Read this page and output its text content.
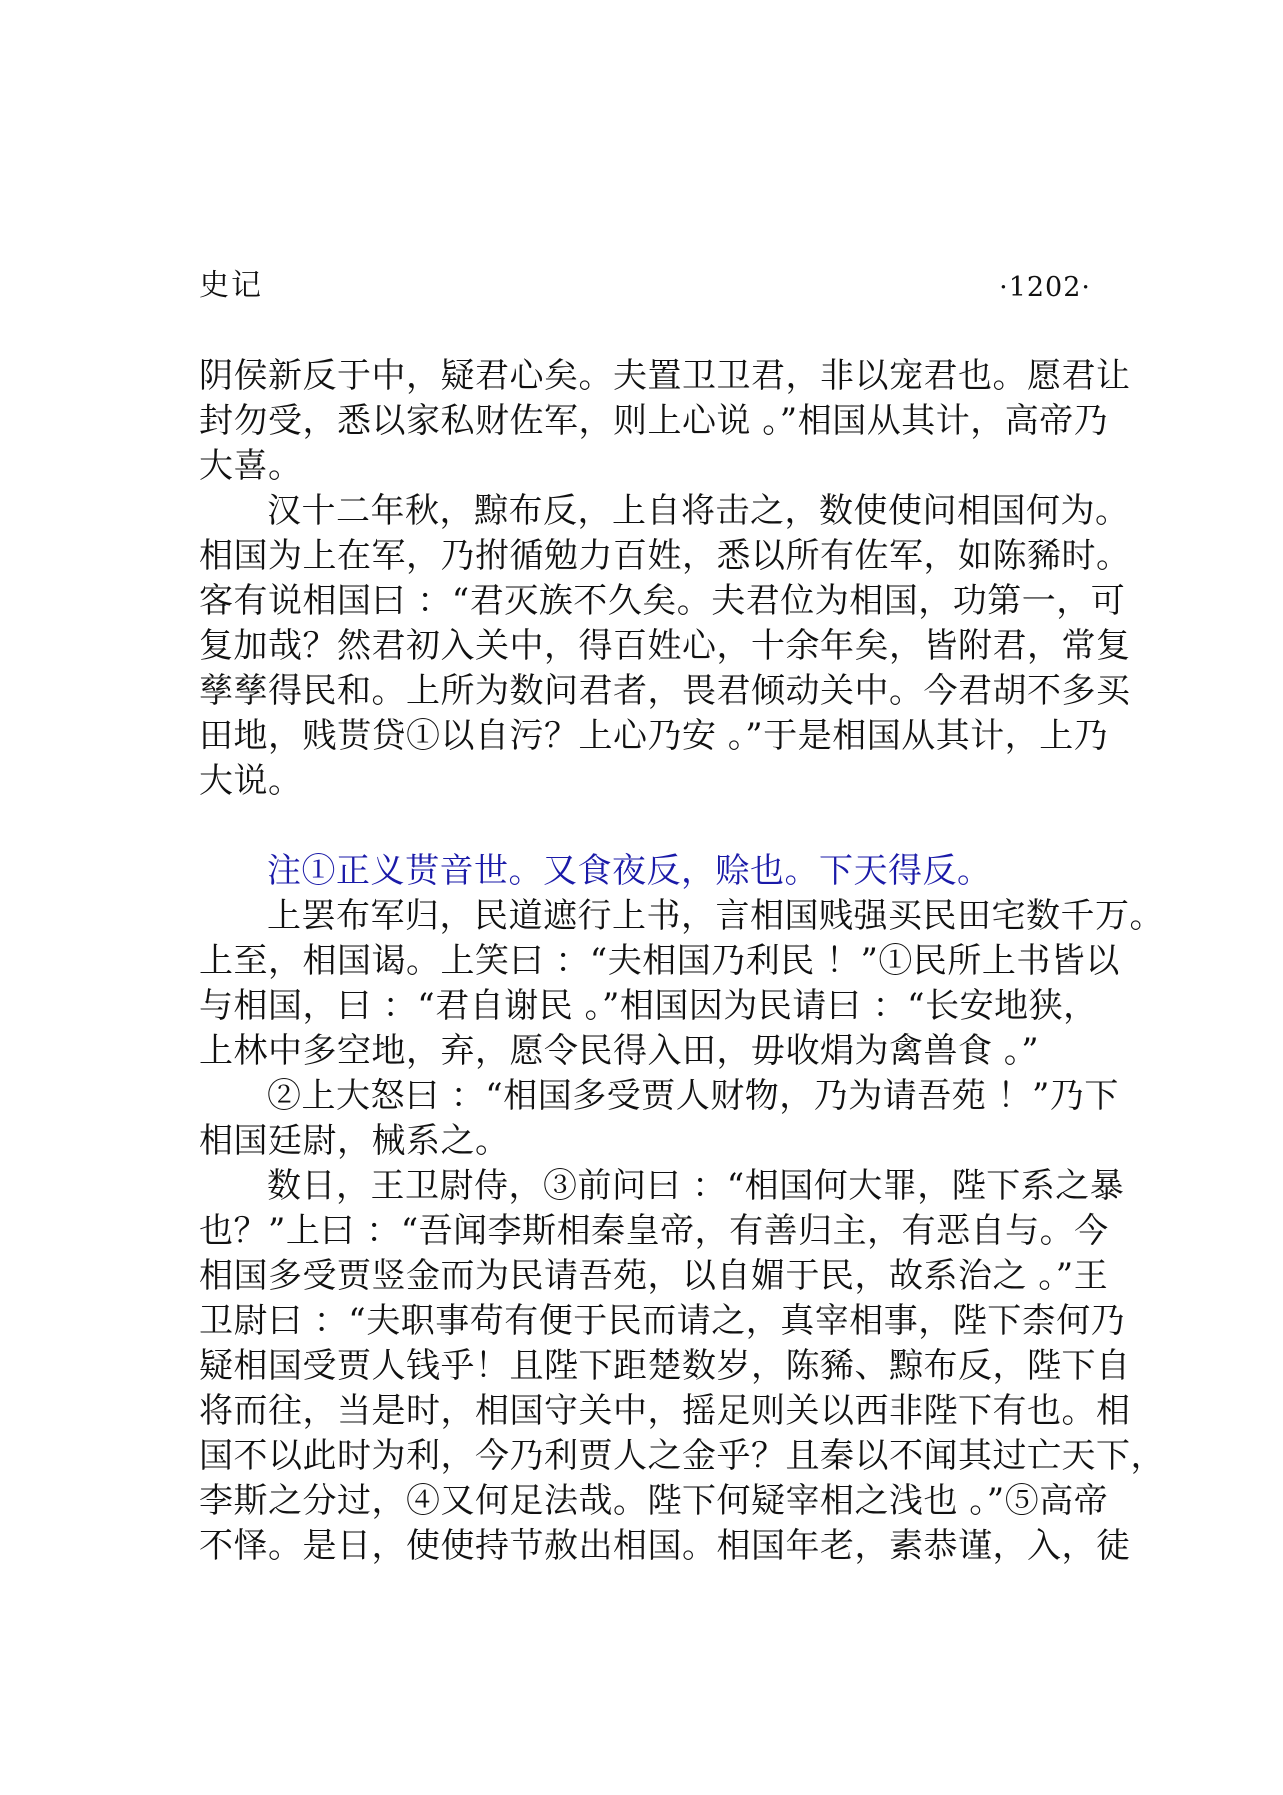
史记	·1202·
阴侯新反于中，疑君心矣。夫置卫卫君，非以宠君也。愿君让
封勿受，悉以家私财佐军，则上心说 。”相国从其计，高帝乃
大喜。
汉十二年秋，黥布反，上自将击之，数使使问相国何为。
相国为上在军，乃拊循勉力百姓，悉以所有佐军，如陈豨时。
客有说相国曰 ：“君灭族不久矣。夫君位为相国，功第一，可
复加哉？然君初入关中，得百姓心，十余年矣，皆附君，常复
孳孳得民和。上所为数问君者，畏君倾动关中。今君胡不多买
田地，贱贳贷①以自污？上心乃安 。”于是相国从其计，上乃
大说。
注①正义贳音世。又食夜反，赊也。下天得反。
上罢布军归，民道遮行上书，言相国贱强买民田宅数千万。
上至，相国谒。上笑曰 ：“夫相国乃利民 ！”①民所上书皆以
与相国，曰 ：“君自谢民 。”相国因为民请曰 ：“长安地狭，
上林中多空地，弃，愿令民得入田，毋收焆为禽兽食 。”
②上大怒曰 ：“相国多受贾人财物，乃为请吾苑 ！”乃下
相国廷尉，械系之。
数日，王卫尉侍，③前问曰 ：“相国何大罪，陛下系之暴
也？”上曰 ：“吾闻李斯相秦皇帝，有善归主，有恶自与。今
相国多受贾竖金而为民请吾苑，以自媚于民，故系治之 。”王
卫尉曰 ：“夫职事苟有便于民而请之，真宰相事，陛下柰何乃
疑相国受贾人钱乎！且陛下距楚数岁，陈豨、黥布反，陛下自
将而往，当是时，相国守关中，摇足则关以西非陛下有也。相
国不以此时为利，今乃利贾人之金乎？且秦以不闻其过亡天下，
李斯之分过，④又何足法哉。陛下何疑宰相之浅也 。”⑤高帝
不怿。是日，使使持节赦出相国。相国年老，素恭谨，入，徒
